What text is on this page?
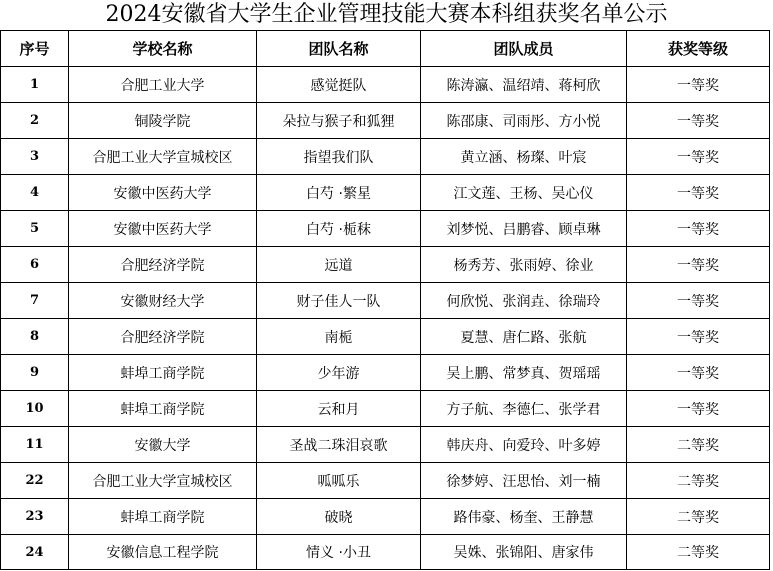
2024安徽省大学生企业管理技能大赛本科组获奖名单公示
序号	学校名称	团队名称	团队成员	获奖等级
1	合肥工业大学	感觉挺队	陈涛瀛、温绍靖、蒋柯欣	一等奖
2	铜陵学院	朵拉与猴子和狐狸	陈邵康、司雨彤、方小悦	一等奖
3	合肥工业大学宣城校区	指望我们队	黄立涵、杨璨、叶宸	一等奖
4	安徽中医药大学	白芍 ·繁星	江文莲、王杨、吴心仪	一等奖
5	安徽中医药大学	白芍 ·栀秣	刘梦悦、吕鹏睿、顾卓琳	一等奖
6	合肥经济学院	远道	杨秀芳、张雨婷、徐业	一等奖
7	安徽财经大学	财子佳人一队	何欣悦、张润垚、徐瑞玲	一等奖
8	合肥经济学院	南栀	夏慧、唐仁路、张航	一等奖
9	蚌埠工商学院	少年游	吴上鹏、常梦真、贺瑶瑶	一等奖
10	蚌埠工商学院	云和月	方子航、李德仁、张学君	一等奖
11	安徽大学	圣战二珠泪哀歌	韩庆舟、向爱玲、叶多婷	二等奖
22	合肥工业大学宣城校区	呱呱乐	徐梦婷、汪思怡、刘一楠	二等奖
23	蚌埠工商学院	破晓	路伟豪、杨奎、王静慧	二等奖
24	安徽信息工程学院	情义 ·小丑	吴姝、张锦阳、唐家伟	二等奖
